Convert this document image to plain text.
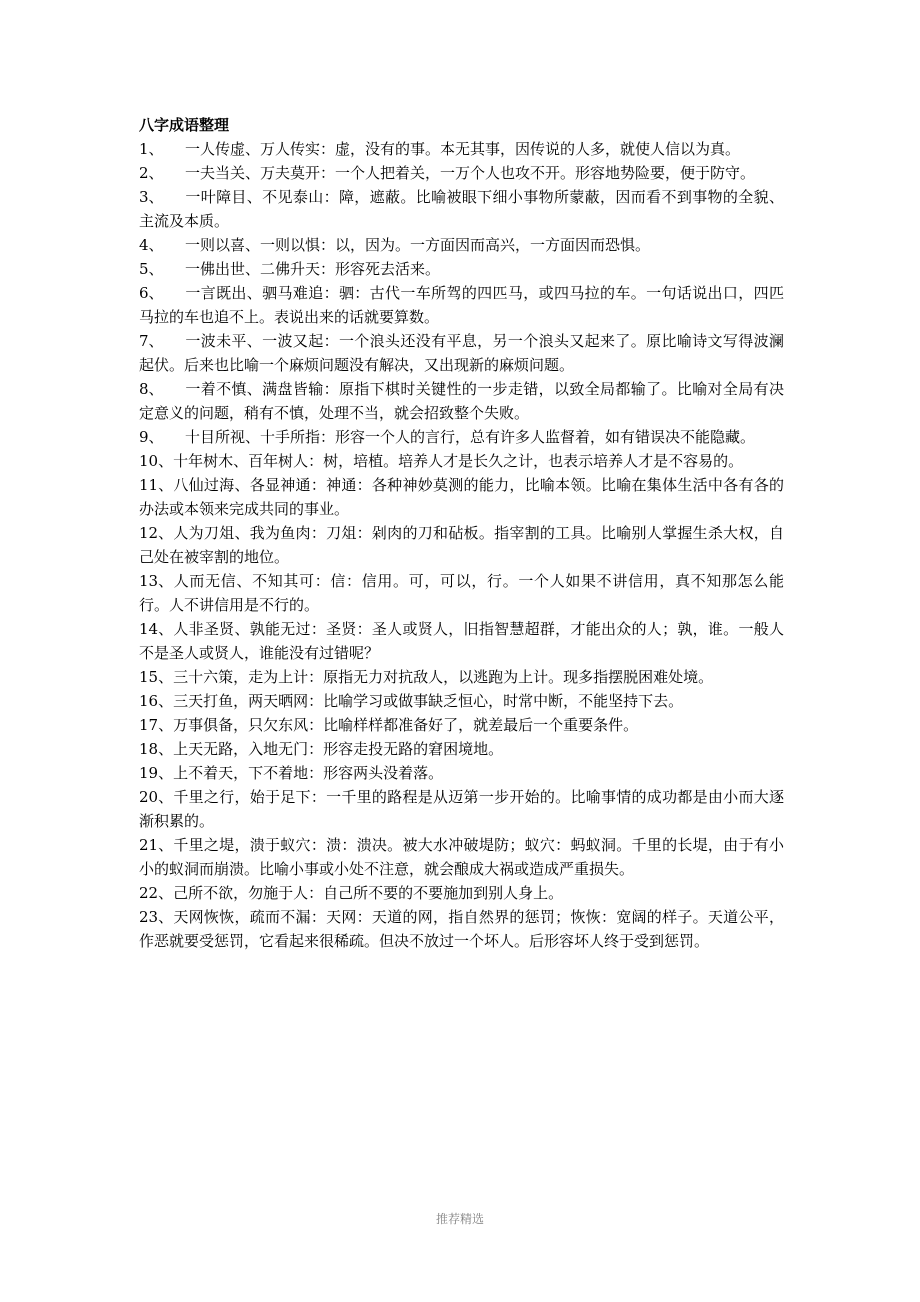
八字成语整理

1、 一人传虚、万人传实：虚，没有的事。本无其事，因传说的人多，就使人信以为真。

2、 一夫当关、万夫莫开：一个人把着关，一万个人也攻不开。形容地势险要，便于防守。

3、 一叶障目、不见泰山：障，遮蔽。比喻被眼下细小事物所蒙蔽，因而看不到事物的全貌、主流及本质。

4、 一则以喜、一则以惧：以，因为。一方面因而高兴，一方面因而恐惧。

5、 一佛出世、二佛升天：形容死去活来。

6、 一言既出、驷马难追：驷：古代一车所驾的四匹马，或四马拉的车。一句话说出口，四匹马拉的车也追不上。表说出来的话就要算数。

7、 一波未平、一波又起：一个浪头还没有平息，另一个浪头又起来了。原比喻诗文写得波澜起伏。后来也比喻一个麻烦问题没有解决，又出现新的麻烦问题。

8、 一着不慎、满盘皆输：原指下棋时关键性的一步走错，以致全局都输了。比喻对全局有决定意义的问题，稍有不慎，处理不当，就会招致整个失败。

9、 十目所视、十手所指：形容一个人的言行，总有许多人监督着，如有错误决不能隐藏。

10、十年树木、百年树人：树，培植。培养人才是长久之计，也表示培养人才是不容易的。

11、八仙过海、各显神通：神通：各种神妙莫测的能力，比喻本领。比喻在集体生活中各有各的办法或本领来完成共同的事业。

12、人为刀俎、我为鱼肉：刀俎：剁肉的刀和砧板。指宰割的工具。比喻别人掌握生杀大权，自己处在被宰割的地位。

13、人而无信、不知其可：信：信用。可，可以，行。一个人如果不讲信用，真不知那怎么能行。人不讲信用是不行的。

14、人非圣贤、孰能无过：圣贤：圣人或贤人，旧指智慧超群，才能出众的人；孰，谁。一般人不是圣人或贤人，谁能没有过错呢？

15、三十六策，走为上计：原指无力对抗敌人，以逃跑为上计。现多指摆脱困难处境。

16、三天打鱼，两天晒网：比喻学习或做事缺乏恒心，时常中断，不能坚持下去。

17、万事俱备，只欠东风：比喻样样都准备好了，就差最后一个重要条件。

18、上天无路，入地无门：形容走投无路的窘困境地。

19、上不着天，下不着地：形容两头没着落。

20、千里之行，始于足下：一千里的路程是从迈第一步开始的。比喻事情的成功都是由小而大逐渐积累的。

21、千里之堤，溃于蚁穴：溃：溃决。被大水冲破堤防；蚁穴：蚂蚁洞。千里的长堤，由于有小小的蚁洞而崩溃。比喻小事或小处不注意，就会酿成大祸或造成严重损失。

22、己所不欲，勿施于人：自己所不要的不要施加到别人身上。

23、天网恢恢，疏而不漏：天网：天道的网，指自然界的惩罚；恢恢：宽阔的样子。天道公平，作恶就要受惩罚，它看起来很稀疏。但决不放过一个坏人。后形容坏人终于受到惩罚。

推荐精选
